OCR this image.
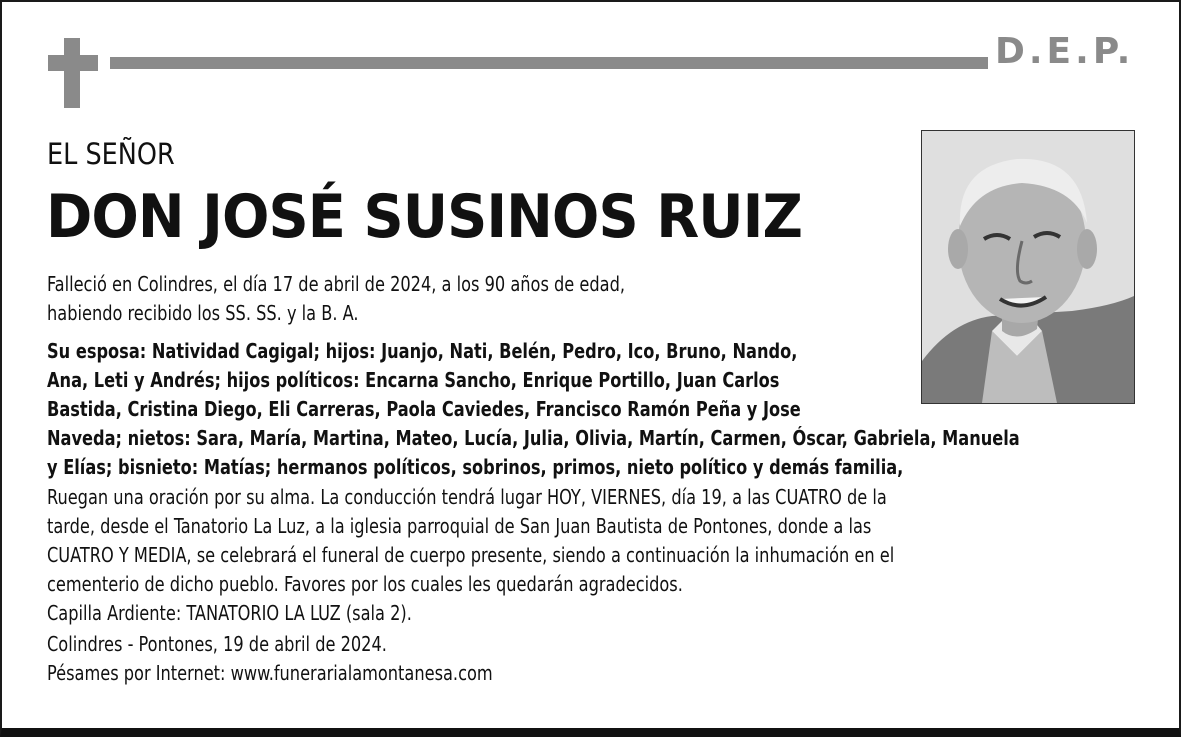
D.E.P.
EL SEÑOR
DON JOSÉ SUSINOS RUIZ
Falleció en Colindres, el día 17 de abril de 2024, a los 90 años de edad,
habiendo recibido los SS. SS. y la B. A.
Su esposa: Natividad Cagigal; hijos: Juanjo, Nati, Belén, Pedro, Ico, Bruno, Nando,
Ana, Leti y Andrés; hijos políticos: Encarna Sancho, Enrique Portillo, Juan Carlos
Bastida, Cristina Diego, Eli Carreras, Paola Caviedes, Francisco Ramón Peña y Jose
Naveda; nietos: Sara, María, Martina, Mateo, Lucía, Julia, Olivia, Martín, Carmen, Óscar, Gabriela, Manuela
y Elías; bisnieto: Matías; hermanos políticos, sobrinos, primos, nieto político y demás familia,
Ruegan una oración por su alma. La conducción tendrá lugar HOY, VIERNES, día 19, a las CUATRO de la
tarde, desde el Tanatorio La Luz, a la iglesia parroquial de San Juan Bautista de Pontones, donde a las
CUATRO Y MEDIA, se celebrará el funeral de cuerpo presente, siendo a continuación la inhumación en el
cementerio de dicho pueblo. Favores por los cuales les quedarán agradecidos.
Capilla Ardiente: TANATORIO LA LUZ (sala 2).
Colindres - Pontones, 19 de abril de 2024.
Pésames por Internet: www.funerarialamontanesa.com
